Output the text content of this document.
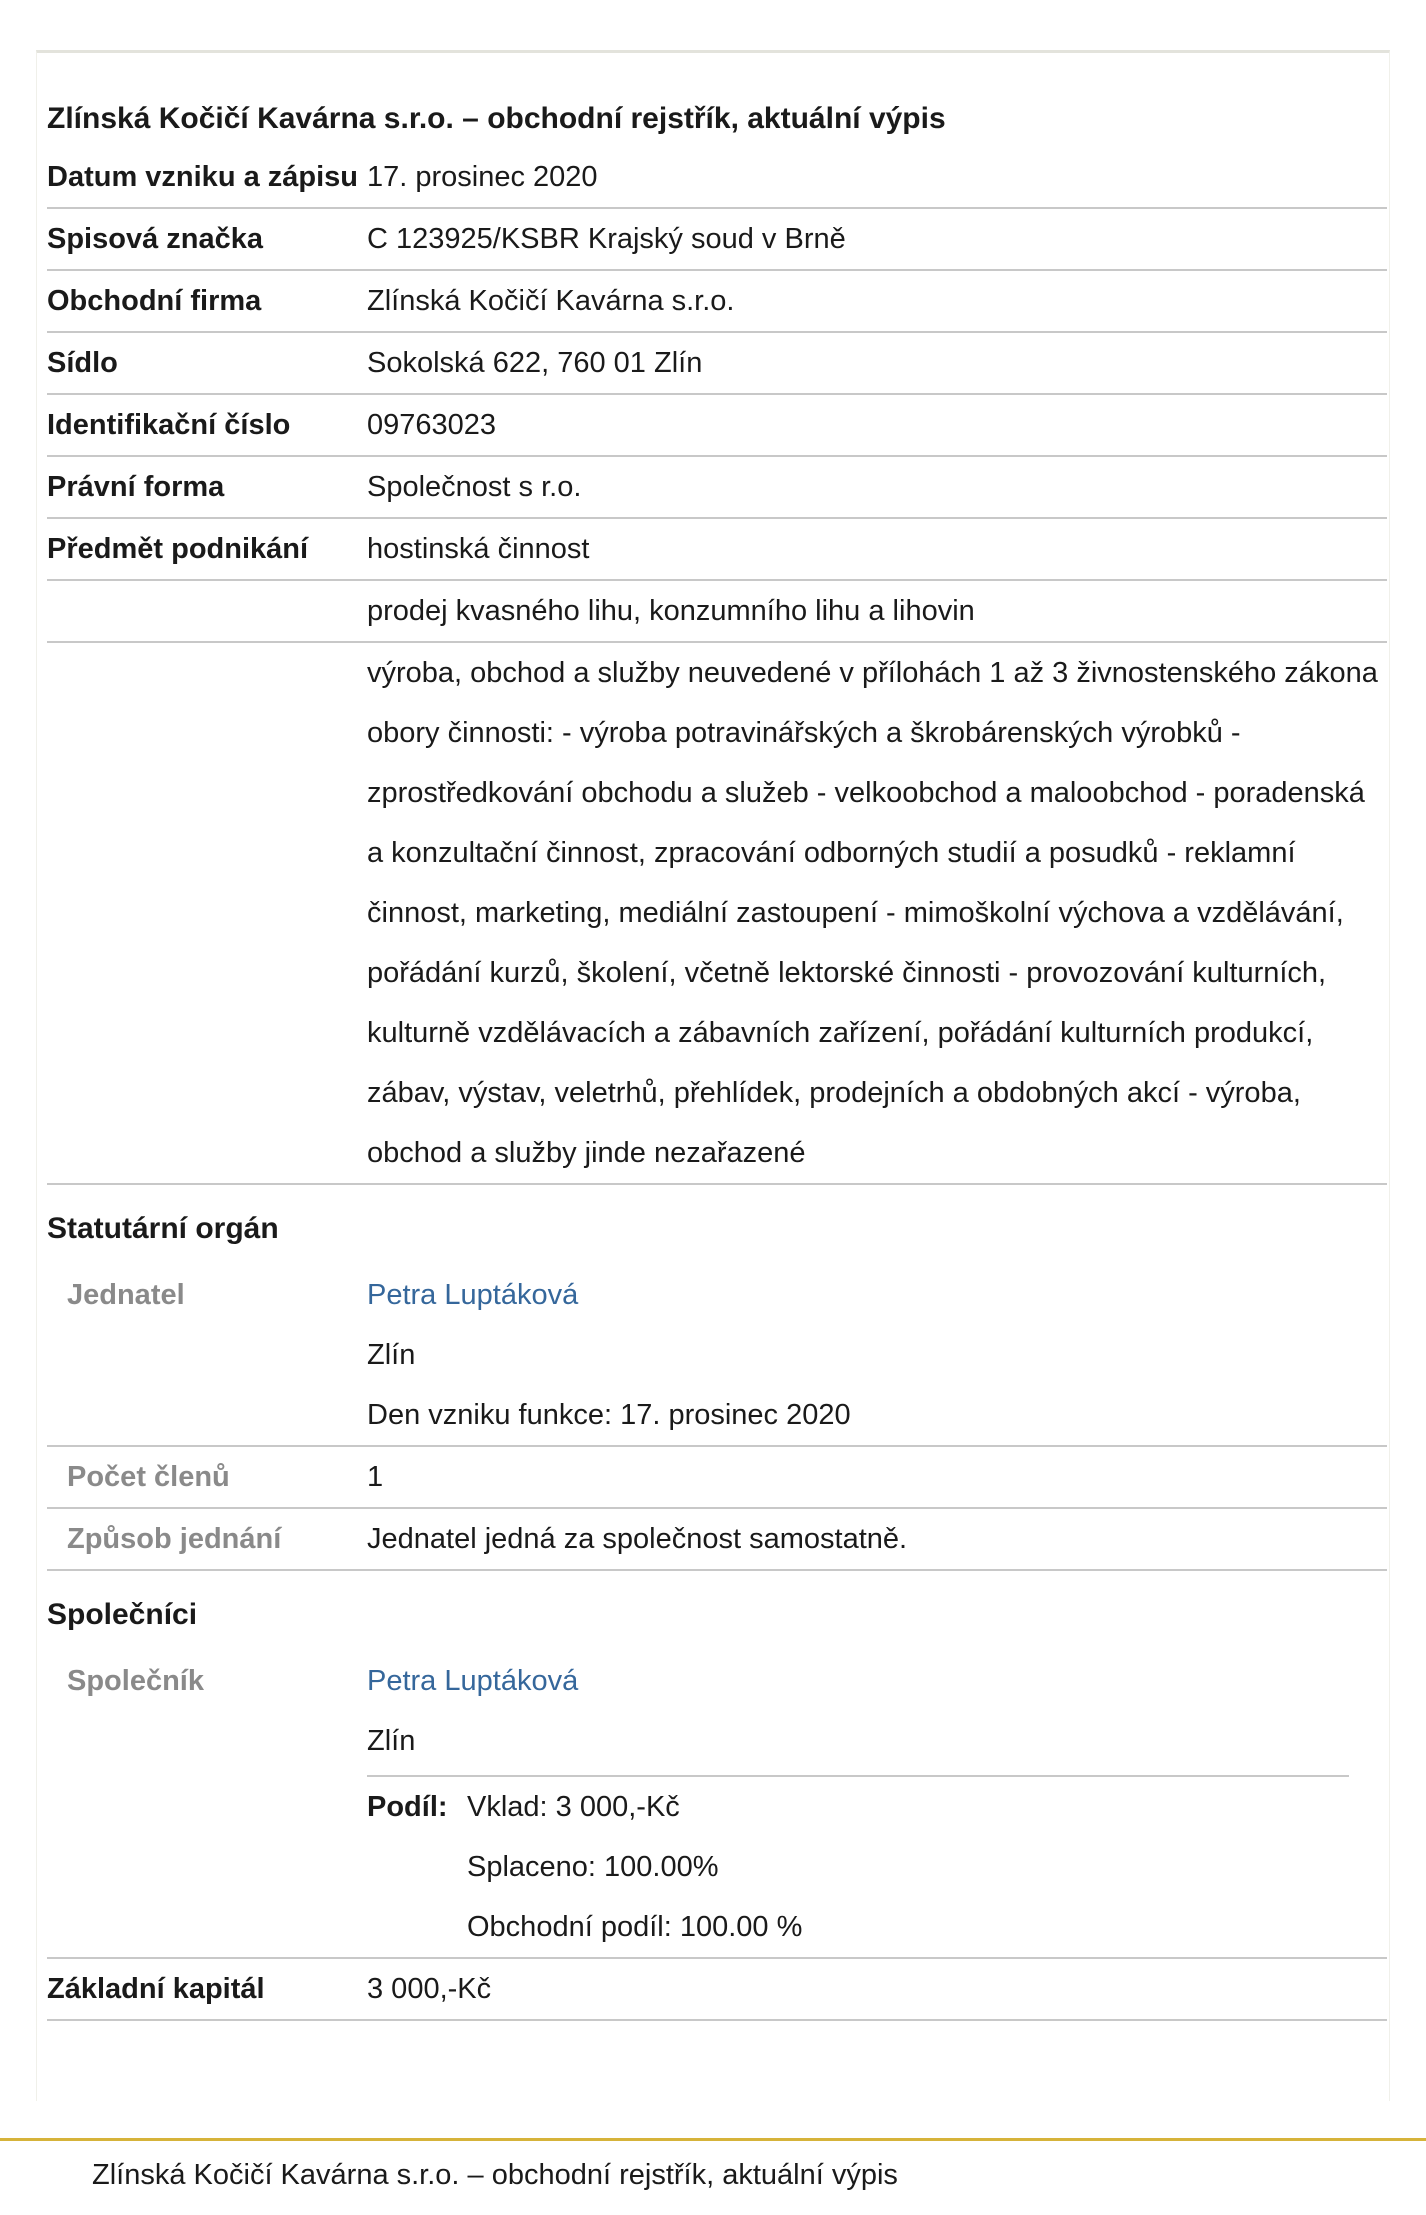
Zlínská Kočičí Kavárna s.r.o. – obchodní rejstřík, aktuální výpis
Datum vzniku a zápisu 17. prosinec 2020
Spisová značka	C 123925/KSBR Krajský soud v Brně
Obchodní firma	Zlínská Kočičí Kavárna s.r.o.
Sídlo	Sokolská 622, 760 01 Zlín
Identifikační číslo	09763023
Právní forma	Společnost s r.o.
Předmět podnikání	hostinská činnost
prodej kvasného lihu, konzumního lihu a lihovin
výroba, obchod a služby neuvedené v přílohách 1 až 3 živnostenského zákona obory činnosti: - výroba potravinářských a škrobárenských výrobků - zprostředkování obchodu a služeb - velkoobchod a maloobchod - poradenská a konzultační činnost, zpracování odborných studií a posudků - reklamní činnost, marketing, mediální zastoupení - mimoškolní výchova a vzdělávání, pořádání kurzů, školení, včetně lektorské činnosti - provozování kulturních, kulturně vzdělávacích a zábavních zařízení, pořádání kulturních produkcí, zábav, výstav, veletrhů, přehlídek, prodejních a obdobných akcí - výroba, obchod a služby jinde nezařazené
Statutární orgán
Jednatel	Petra Luptáková
Zlín
Den vzniku funkce: 17. prosinec 2020
Počet členů	1
Způsob jednání	Jednatel jedná za společnost samostatně.
Společníci
Společník	Petra Luptáková
Zlín
Podíl: Vklad: 3 000,-Kč
Splaceno: 100.00%
Obchodní podíl: 100.00 %
Základní kapitál	3 000,-Kč
Zlínská Kočičí Kavárna s.r.o. – obchodní rejstřík, aktuální výpis
